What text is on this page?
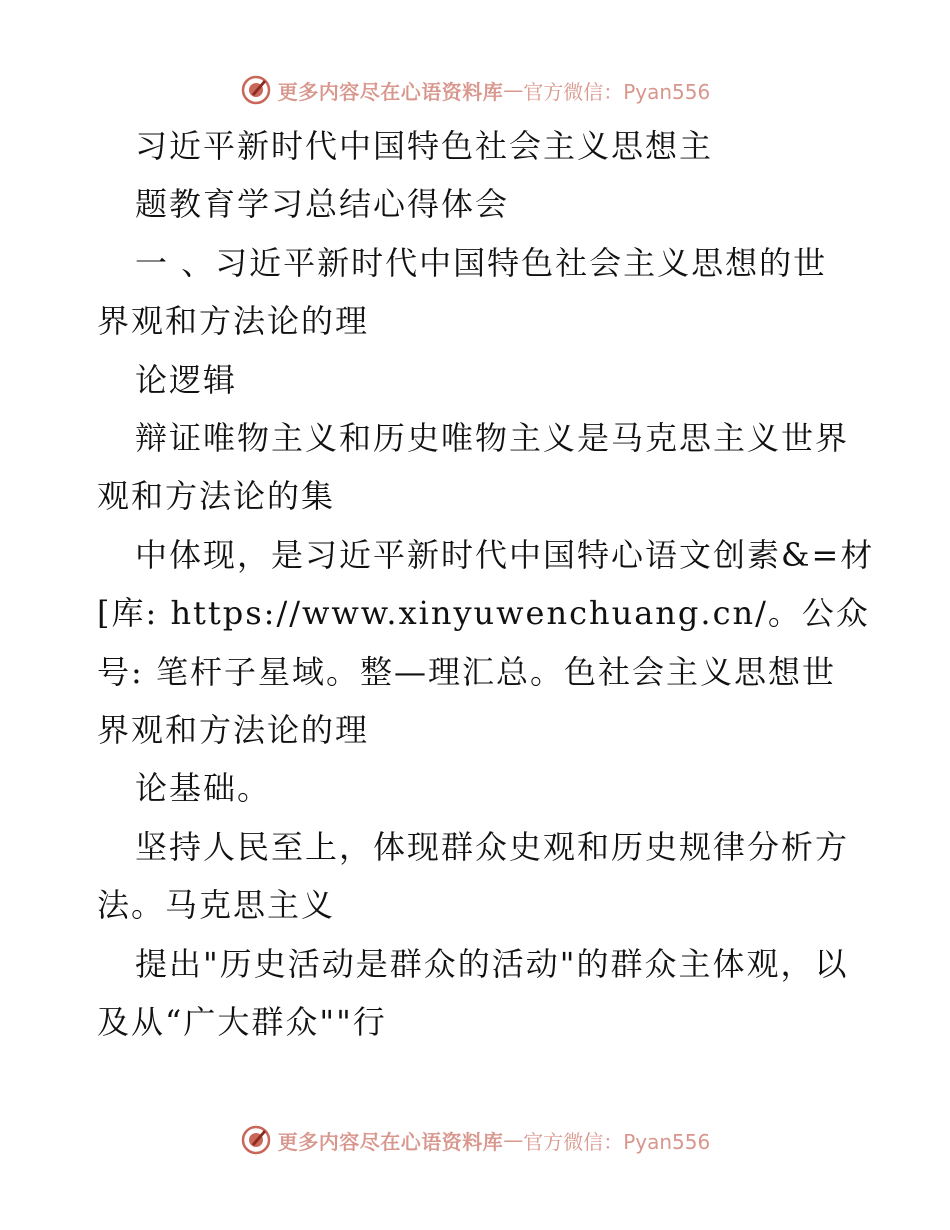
更多内容尽在心语资料库 — 官方微信：Pyan556
习近平新时代中国特色社会主义思想主
题教育学习总结心得体会
一 、习近平新时代中国特色社会主义思想的世
界观和方法论的理
论逻辑
辩证唯物主义和历史唯物主义是马克思主义世界
观和方法论的集
中体现，是习近平新时代中国特心语文创素&=材
[库: https://www.xinyuwenchuang.cn/。公众
号: 笔杆子星域。整—理汇总。色社会主义思想世
界观和方法论的理
论基础。
坚持人民至上，体现群众史观和历史规律分析方
法。马克思主义
提出"历史活动是群众的活动"的群众主体观，以
及从“广大群众""行
更多内容尽在心语资料库 — 官方微信：Pyan556
